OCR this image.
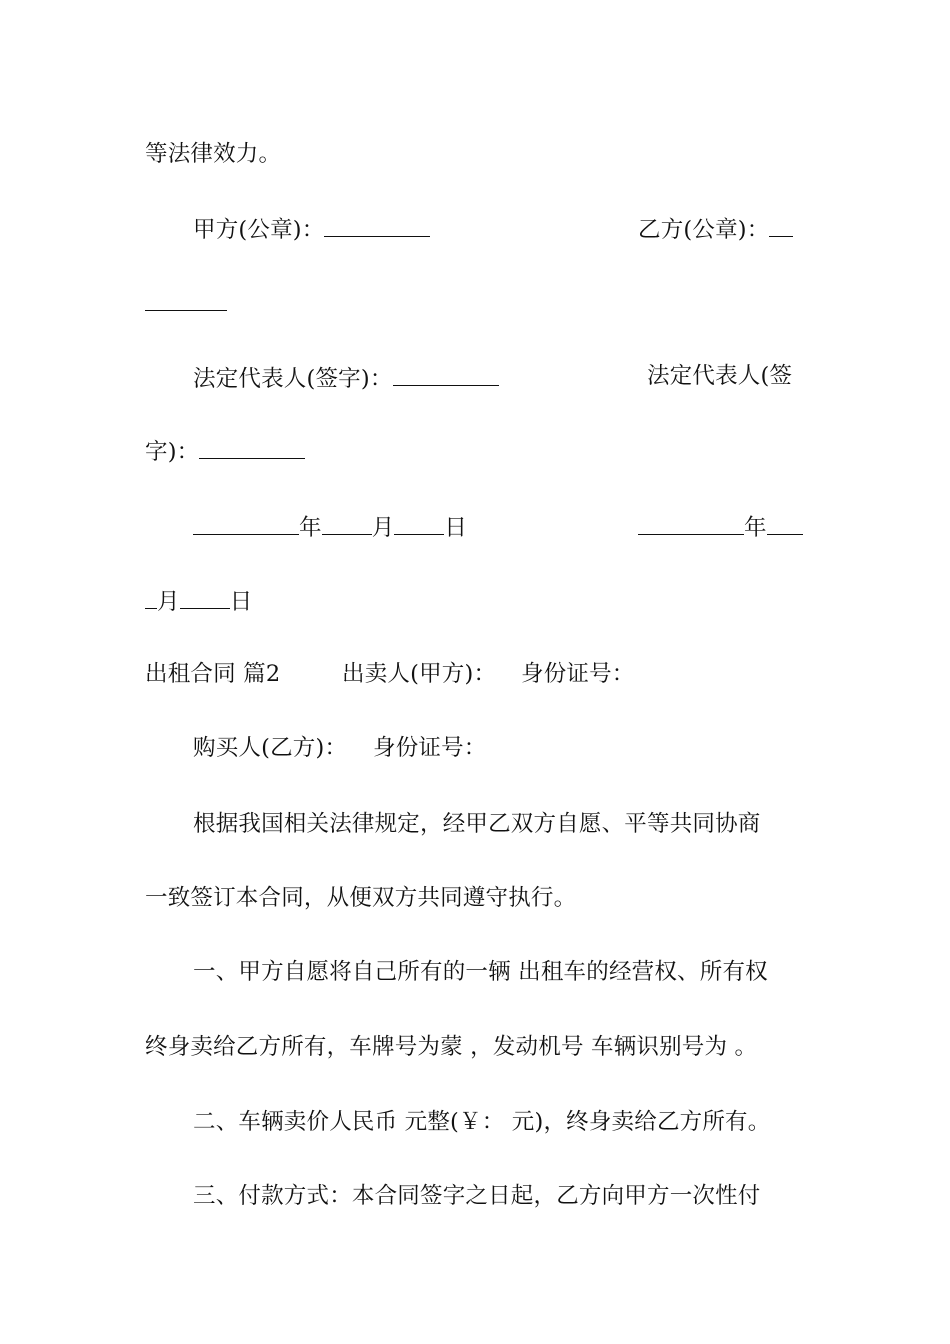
等法律效力。
甲方(公章)：	乙方(公章)：
法定代表人(签字)：	法定代表人(签
字)：
年 月 日	年
月 日
出租合同 篇2	出卖人(甲方)： 身份证号：
购买人(乙方)： 身份证号：
根据我国相关法律规定，经甲乙双方自愿、平等共同协商
一致签订本合同，从便双方共同遵守执行。
一、甲方自愿将自己所有的一辆 出租车的经营权、所有权
终身卖给乙方所有，车牌号为蒙 ，发动机号 车辆识别号为 。
二、车辆卖价人民币 元整(￥： 元)，终身卖给乙方所有。
三、付款方式：本合同签字之日起，乙方向甲方一次性付
